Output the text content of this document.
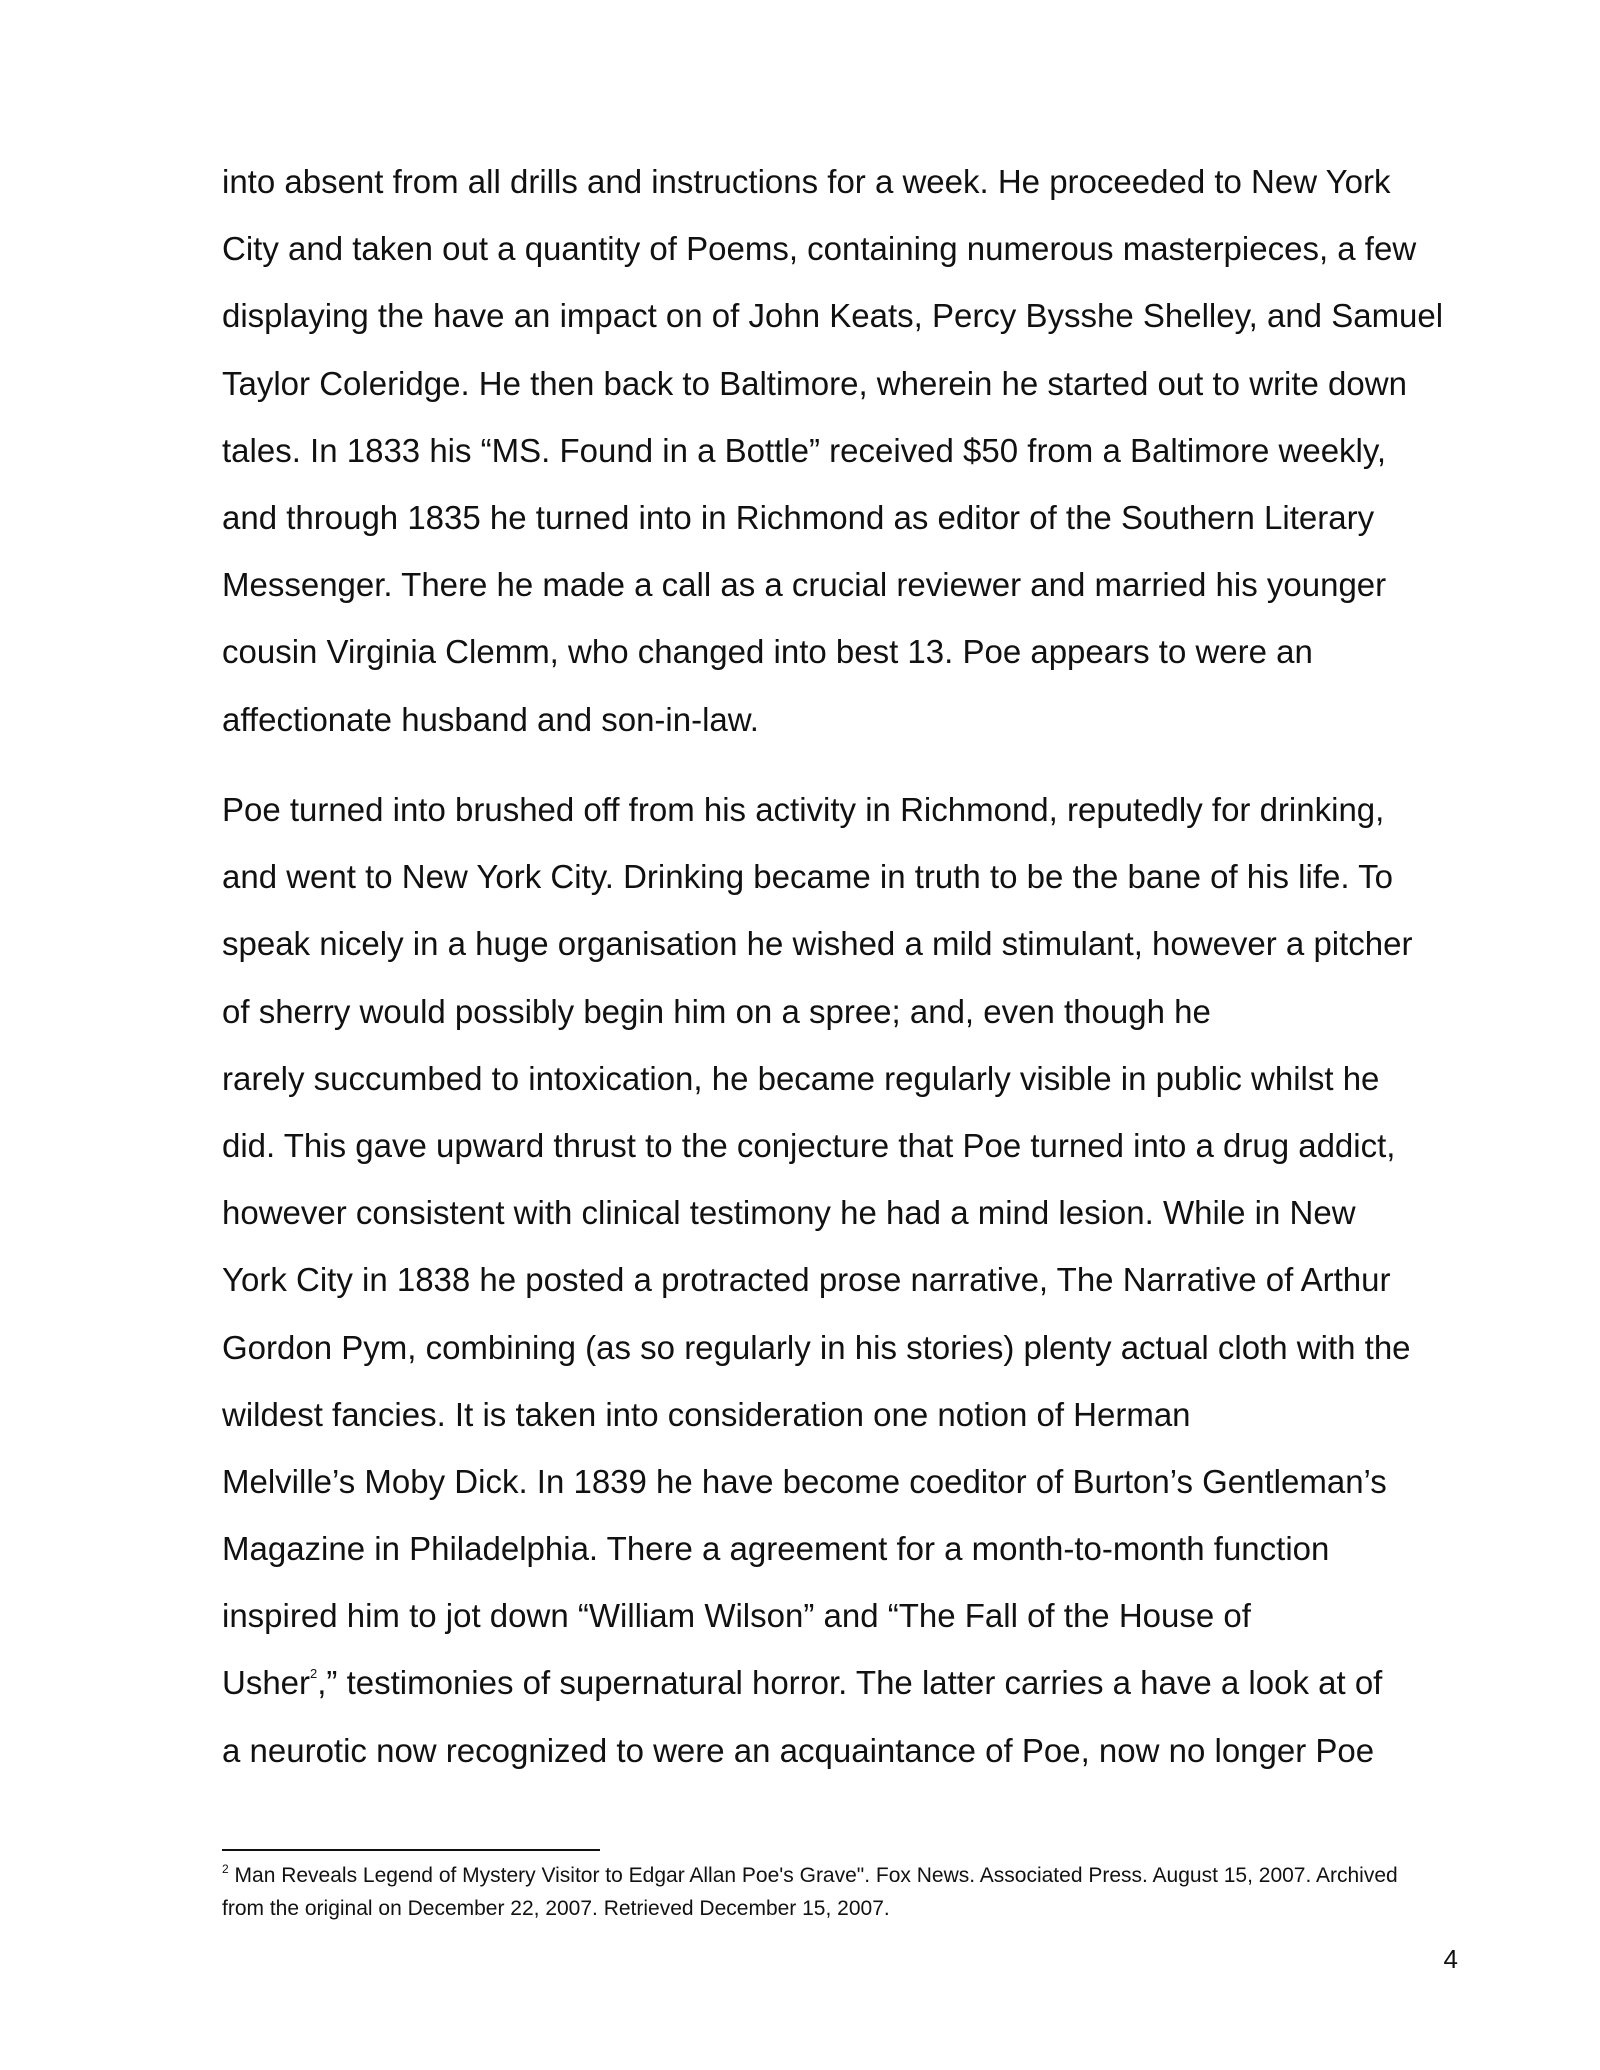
into absent from all drills and instructions for a week. He proceeded to New York
City and taken out a quantity of Poems, containing numerous masterpieces, a few
displaying the have an impact on of John Keats, Percy Bysshe Shelley, and Samuel
Taylor Coleridge. He then back to Baltimore, wherein he started out to write down
tales. In 1833 his “MS. Found in a Bottle” received $50 from a Baltimore weekly,
and through 1835 he turned into in Richmond as editor of the Southern Literary
Messenger. There he made a call as a crucial reviewer and married his younger
cousin Virginia Clemm, who changed into best 13. Poe appears to were an
affectionate husband and son-in-law.
Poe turned into brushed off from his activity in Richmond, reputedly for drinking,
and went to New York City. Drinking became in truth to be the bane of his life. To
speak nicely in a huge organisation he wished a mild stimulant, however a pitcher
of sherry would possibly begin him on a spree; and, even though he
rarely succumbed to intoxication, he became regularly visible in public whilst he
did. This gave upward thrust to the conjecture that Poe turned into a drug addict,
however consistent with clinical testimony he had a mind lesion. While in New
York City in 1838 he posted a protracted prose narrative, The Narrative of Arthur
Gordon Pym, combining (as so regularly in his stories) plenty actual cloth with the
wildest fancies. It is taken into consideration one notion of Herman
Melville’s Moby Dick. In 1839 he have become coeditor of Burton’s Gentleman’s
Magazine in Philadelphia. There a agreement for a month-to-month function
inspired him to jot down “William Wilson” and “The Fall of the House of
Usher$^2$,” testimonies of supernatural horror. The latter carries a have a look at of
a neurotic now recognized to were an acquaintance of Poe, now no longer Poe
$^2$ Man Reveals Legend of Mystery Visitor to Edgar Allan Poe's Grave". Fox News. Associated Press. August 15, 2007. Archived
from the original on December 22, 2007. Retrieved December 15, 2007.
4
